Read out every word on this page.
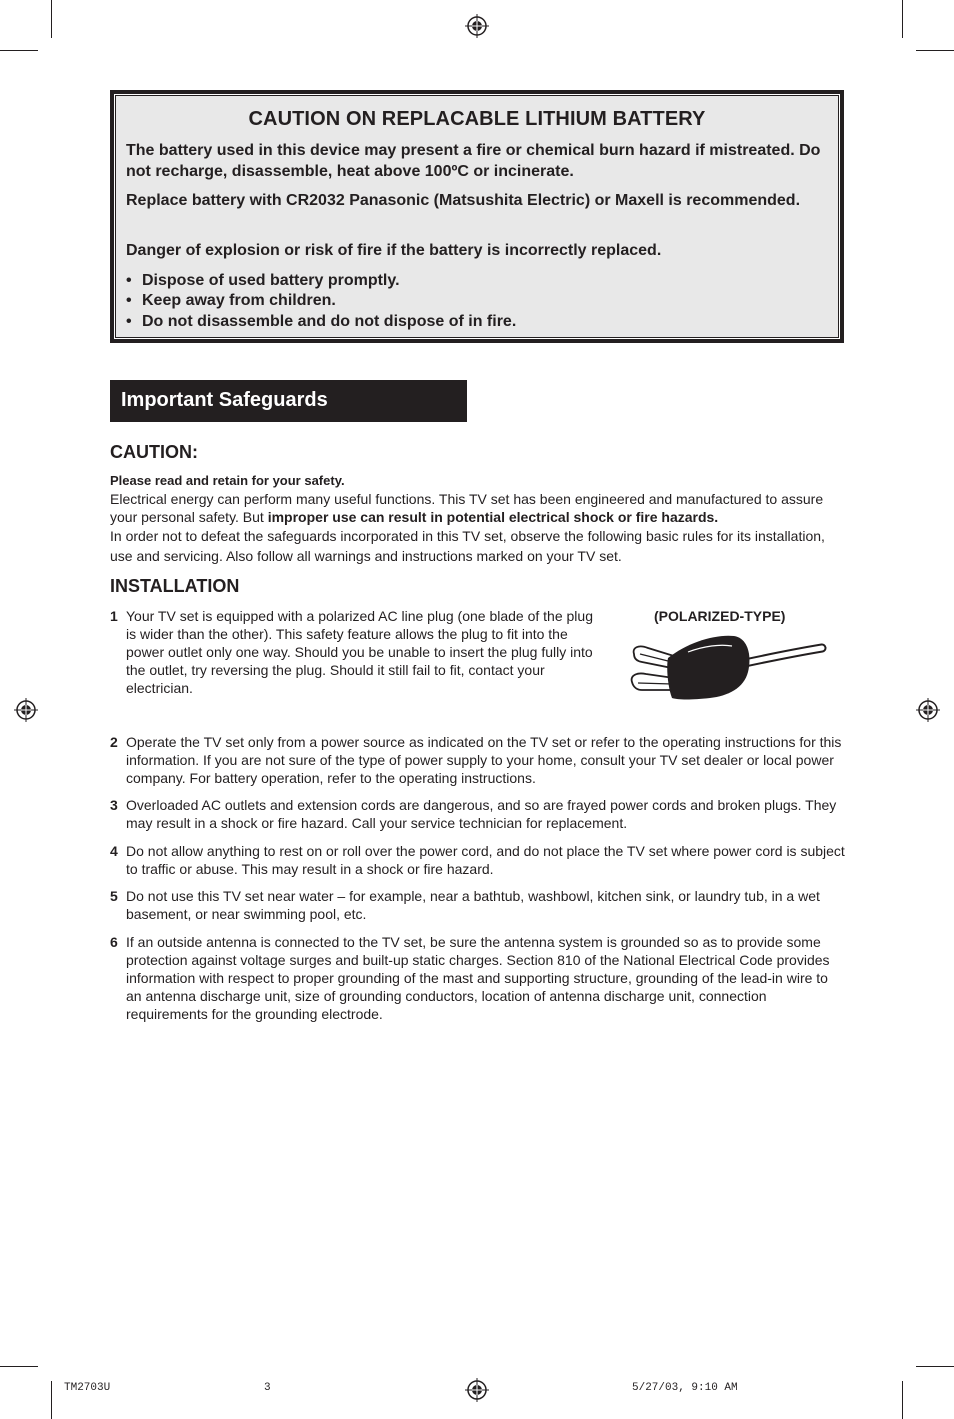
CAUTION ON REPLACABLE LITHIUM BATTERY
The battery used in this device may present a fire or chemical burn hazard if mistreated. Do not recharge, disassemble, heat above 100ºC or incinerate.
Replace battery with CR2032 Panasonic (Matsushita Electric) or Maxell is recommended.
Danger of explosion or risk of fire if the battery is incorrectly replaced.
• Dispose of used battery promptly.
• Keep away from children.
• Do not disassemble and do not dispose of in fire.
Important Safeguards
CAUTION:
Please read and retain for your safety.
Electrical energy can perform many useful functions. This TV set has been engineered and manufactured to assure your personal safety. But improper use can result in potential electrical shock or fire hazards.
In order not to defeat the safeguards incorporated in this TV set, observe the following basic rules for its installation, use and servicing. Also follow all warnings and instructions marked on your TV set.
INSTALLATION
1 Your TV set is equipped with a polarized AC line plug (one blade of the plug is wider than the other). This safety feature allows the plug to fit into the power outlet only one way. Should you be unable to insert the plug fully into the outlet, try reversing the plug. Should it still fail to fit, contact your electrician.
(POLARIZED-TYPE)
2 Operate the TV set only from a power source as indicated on the TV set or refer to the operating instructions for this information. If you are not sure of the type of power supply to your home, consult your TV set dealer or local power company. For battery operation, refer to the operating instructions.
3 Overloaded AC outlets and extension cords are dangerous, and so are frayed power cords and broken plugs. They may result in a shock or fire hazard. Call your service technician for replacement.
4 Do not allow anything to rest on or roll over the power cord, and do not place the TV set where power cord is subject to traffic or abuse. This may result in a shock or fire hazard.
5 Do not use this TV set near water – for example, near a bathtub, washbowl, kitchen sink, or laundry tub, in a wet basement, or near swimming pool, etc.
6 If an outside antenna is connected to the TV set, be sure the antenna system is grounded so as to provide some protection against voltage surges and built-up static charges. Section 810 of the National Electrical Code provides information with respect to proper grounding of the mast and supporting structure, grounding of the lead-in wire to an antenna discharge unit, size of grounding conductors, location of antenna discharge unit, connection requirements for the grounding electrode.
TM2703U	3	5/27/03, 9:10 AM
